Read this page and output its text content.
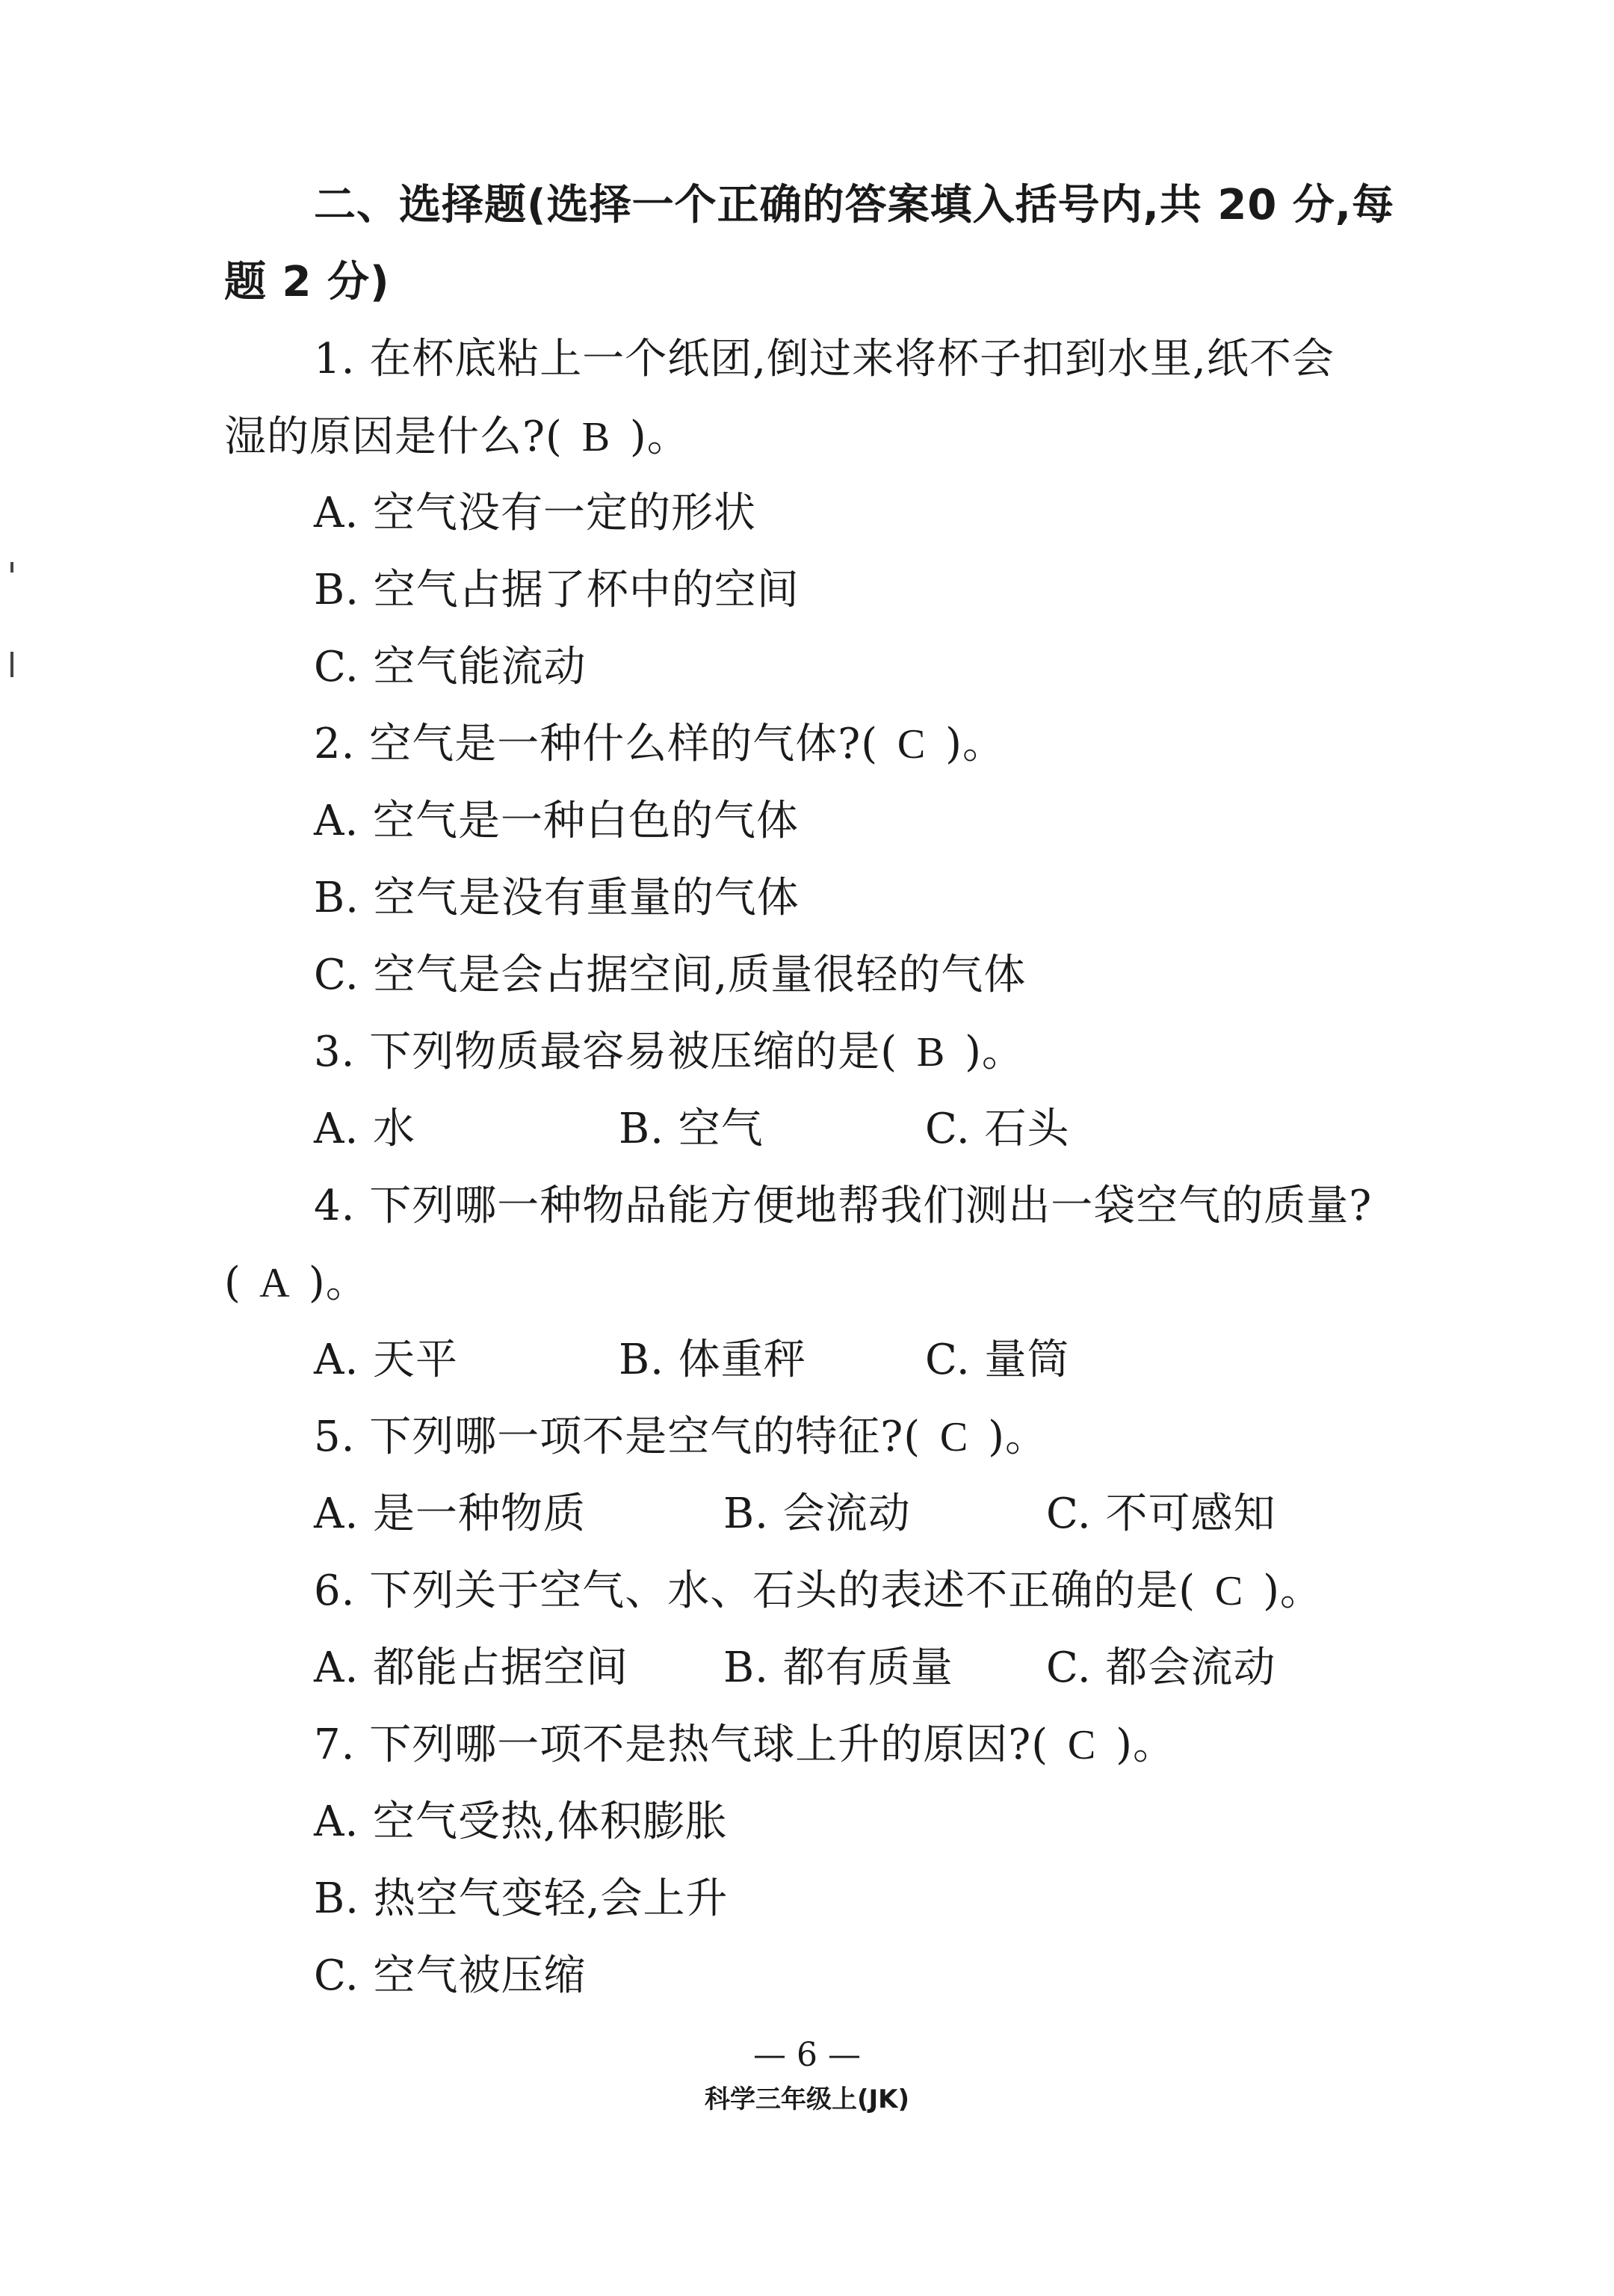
二、选择题(选择一个正确的答案填入括号内,共 20 分,每
题 2 分)
1. 在杯底粘上一个纸团,倒过来将杯子扣到水里,纸不会
湿的原因是什么?( B )。
A. 空气没有一定的形状
B. 空气占据了杯中的空间
C. 空气能流动
2. 空气是一种什么样的气体?( C )。
A. 空气是一种白色的气体
B. 空气是没有重量的气体
C. 空气是会占据空间,质量很轻的气体
3. 下列物质最容易被压缩的是( B )。
A. 水	B. 空气	C. 石头
4. 下列哪一种物品能方便地帮我们测出一袋空气的质量?
( A )。
A. 天平	B. 体重秤	C. 量筒
5. 下列哪一项不是空气的特征?( C )。
A. 是一种物质	B. 会流动	C. 不可感知
6. 下列关于空气、水、石头的表述不正确的是( C )。
A. 都能占据空间 B. 都有质量 C. 都会流动
7. 下列哪一项不是热气球上升的原因?( C )。
A. 空气受热,体积膨胀
B. 热空气变轻,会上升
C. 空气被压缩
— 6 —
科学三年级上(JK)
